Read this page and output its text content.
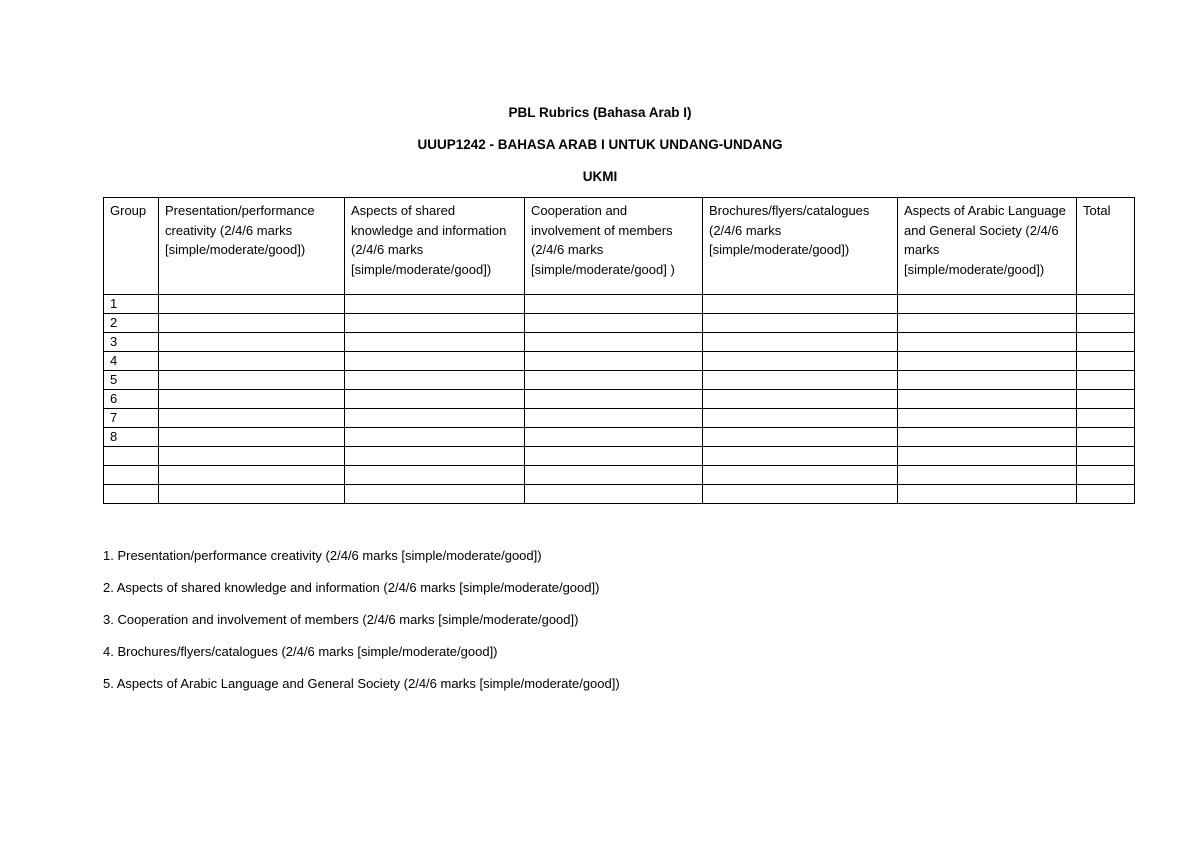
PBL Rubrics (Bahasa Arab I)
UUUP1242 - BAHASA ARAB I UNTUK UNDANG-UNDANG
UKMI
Group	Presentation/performance creativity (2/4/6 marks [simple/moderate/good])	Aspects of shared knowledge and information (2/4/6 marks [simple/moderate/good])	Cooperation and involvement of members (2/4/6 marks [simple/moderate/good] )	Brochures/flyers/catalogues (2/4/6 marks [simple/moderate/good])	Aspects of Arabic Language and General Society (2/4/6 marks [simple/moderate/good])	Total
1						
2						
3						
4						
5						
6						
7						
8						

1. Presentation/performance creativity (2/4/6 marks [simple/moderate/good])
2. Aspects of shared knowledge and information (2/4/6 marks [simple/moderate/good])
3. Cooperation and involvement of members (2/4/6 marks [simple/moderate/good])
4. Brochures/flyers/catalogues (2/4/6 marks [simple/moderate/good])
5. Aspects of Arabic Language and General Society (2/4/6 marks [simple/moderate/good])
